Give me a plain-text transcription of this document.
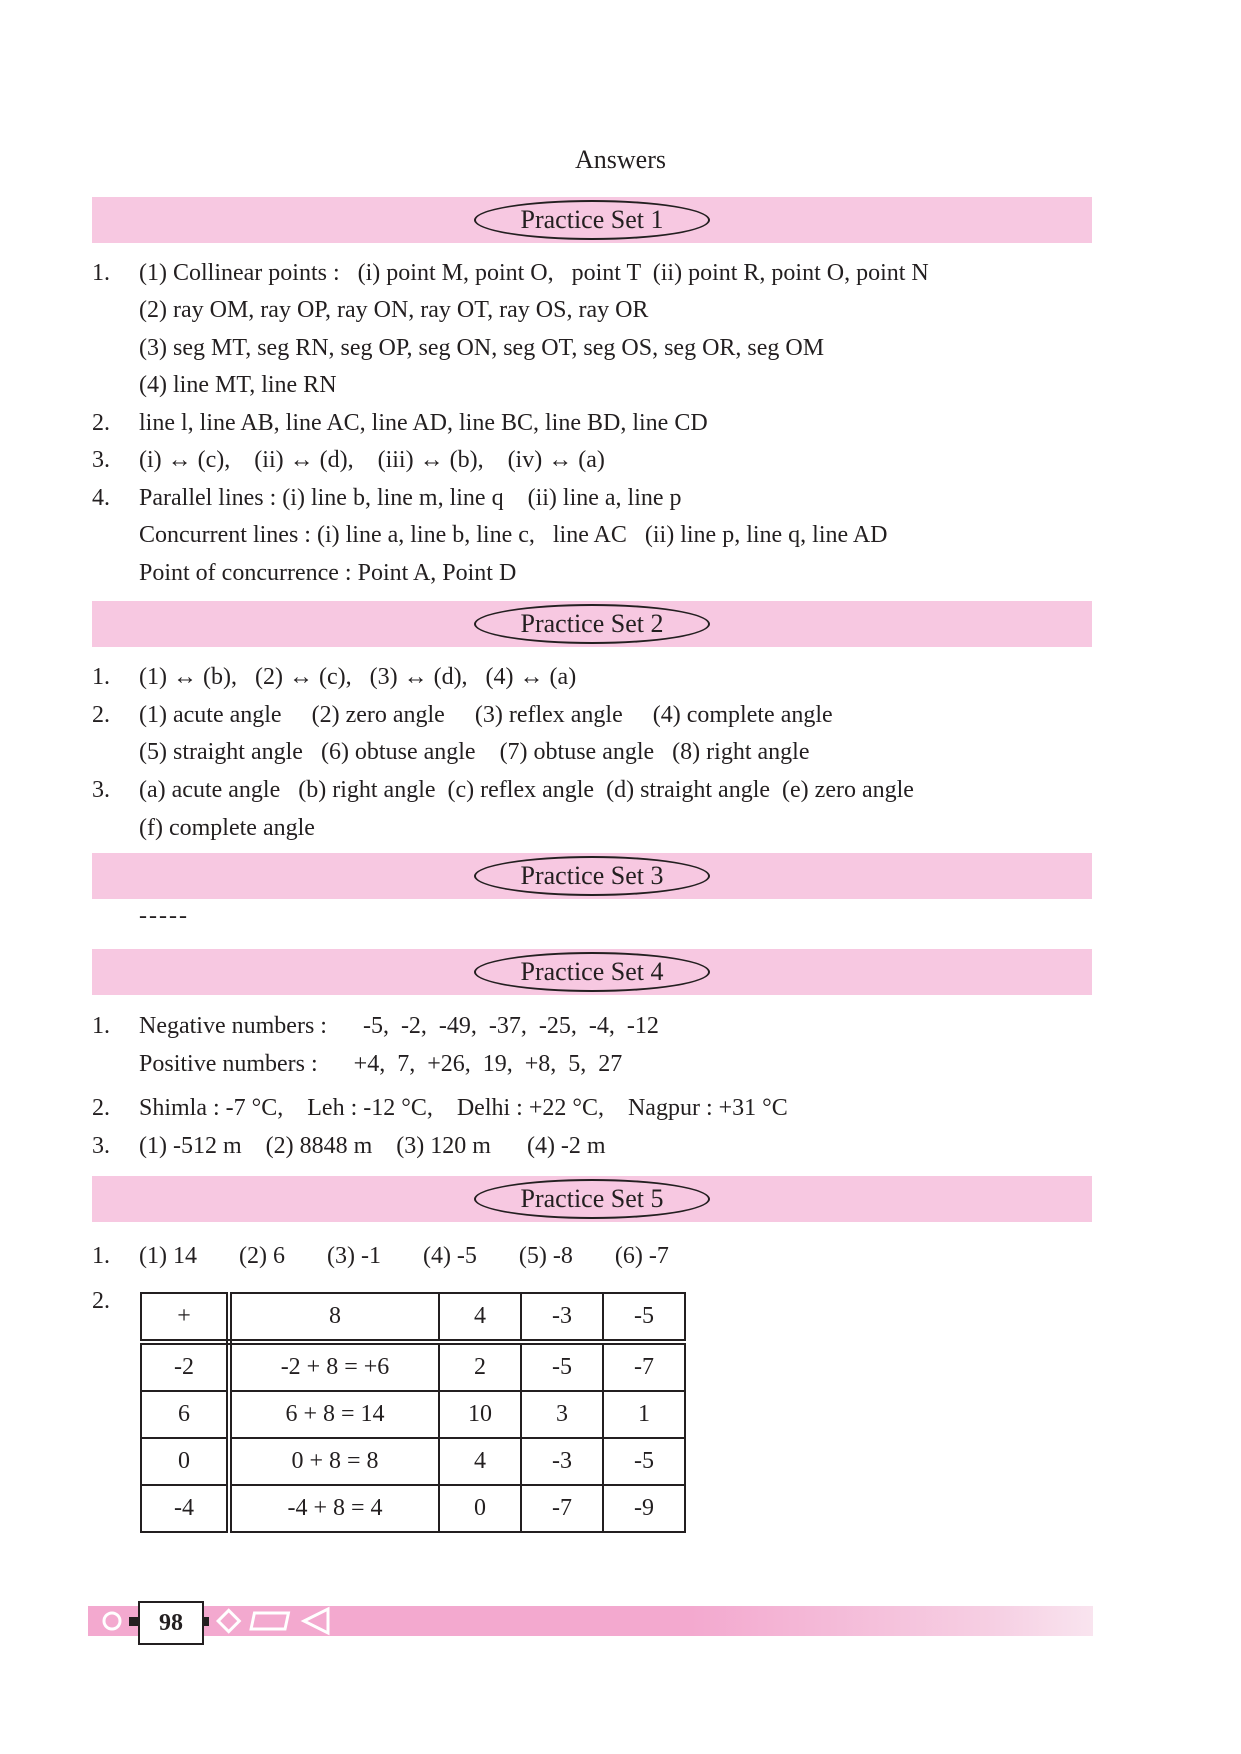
Answers
Practice Set 1
1. (1) Collinear points :   (i) point M, point O,   point T  (ii) point R, point O, point N
(2) ray OM, ray OP, ray ON, ray OT, ray OS, ray OR
(3) seg MT, seg RN, seg OP, seg ON, seg OT, seg OS, seg OR, seg OM
(4) line MT, line RN
2. line l, line AB, line AC, line AD, line BC, line BD, line CD
3. (i) ↔ (c),    (ii) ↔ (d),    (iii) ↔ (b),    (iv) ↔ (a)
4. Parallel lines : (i) line b, line m, line q    (ii) line a, line p
Concurrent lines : (i) line a, line b, line c,   line AC   (ii) line p, line q, line AD
Point of concurrence : Point A, Point D
Practice Set 2
1. (1) ↔ (b),   (2) ↔ (c),   (3) ↔ (d),   (4) ↔ (a)
2. (1) acute angle     (2) zero angle     (3) reflex angle     (4) complete angle
(5) straight angle   (6) obtuse angle    (7) obtuse angle   (8) right angle
3. (a) acute angle   (b) right angle  (c) reflex angle  (d) straight angle  (e) zero angle
(f) complete angle
Practice Set 3
-----
Practice Set 4
1. Negative numbers :      -5,  -2,  -49,  -37,  -25,  -4,  -12
Positive numbers :      +4,  7,  +26,  19,  +8,  5,  27
2. Shimla : -7 °C,    Leh : -12 °C,    Delhi : +22 °C,    Nagpur : +31 °C
3. (1) -512 m    (2) 8848 m    (3) 120 m      (4) -2 m
Practice Set 5
1. (1) 14       (2) 6       (3) -1       (4) -5       (5) -8       (6) -7
2.
+	8	4	-3	-5
-2	-2 + 8 = +6	2	-5	-7
6	6 + 8 = 14	10	3	1
0	0 + 8 = 8	4	-3	-5
-4	-4 + 8 = 4	0	-7	-9
98
